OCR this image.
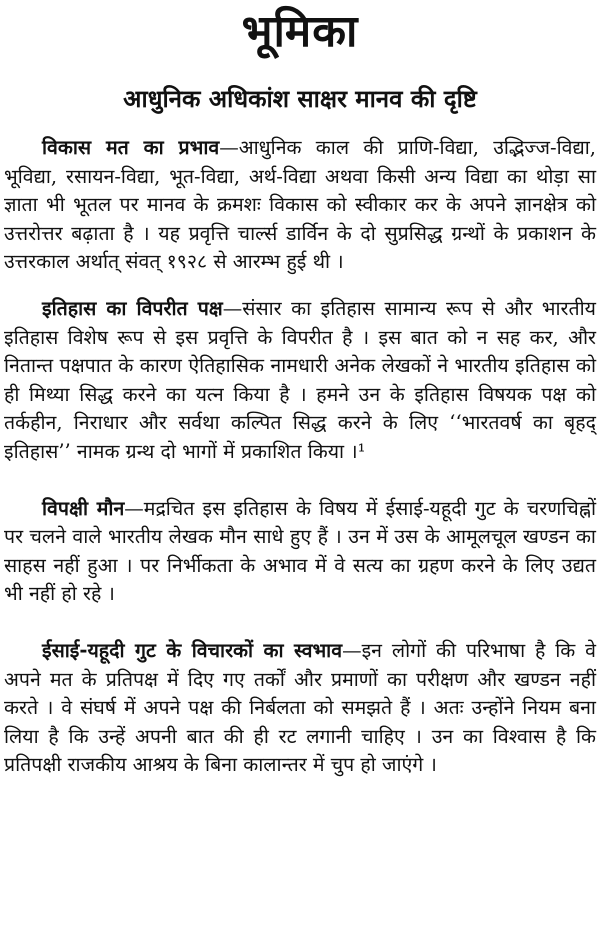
भूमिका
आधुनिक अधिकांश साक्षर मानव की दृष्टि

विकास मत का प्रभाव—आधुनिक काल की प्राणि-विद्या, उद्भिज्ज-विद्या, भूविद्या, रसायन-विद्या, भूत-विद्या, अर्थ-विद्या अथवा किसी अन्य विद्या का थोड़ा सा ज्ञाता भी भूतल पर मानव के क्रमशः विकास को स्वीकार कर के अपने ज्ञानक्षेत्र को उत्तरोत्तर बढ़ाता है । यह प्रवृत्ति चार्ल्स डार्विन के दो सुप्रसिद्ध ग्रन्थों के प्रकाशन के उत्तरकाल अर्थात् संवत् १९२८ से आरम्भ हुई थी ।

इतिहास का विपरीत पक्ष—संसार का इतिहास सामान्य रूप से और भारतीय इतिहास विशेष रूप से इस प्रवृत्ति के विपरीत है । इस बात को न सह कर, और नितान्त पक्षपात के कारण ऐतिहासिक नामधारी अनेक लेखकों ने भारतीय इतिहास को ही मिथ्या सिद्ध करने का यत्न किया है । हमने उन के इतिहास विषयक पक्ष को तर्कहीन, निराधार और सर्वथा कल्पित सिद्ध करने के लिए ‘‘भारतवर्ष का बृहद्‌ इतिहास’’ नामक ग्रन्थ दो भागों में प्रकाशित किया ।¹

विपक्षी मौन—मद्रचित इस इतिहास के विषय में ईसाई-यहूदी गुट के चरणचिह्नों पर चलने वाले भारतीय लेखक मौन साधे हुए हैं । उन में उस के आमूलचूल खण्डन का साहस नहीं हुआ । पर निर्भीकता के अभाव में वे सत्य का ग्रहण करने के लिए उद्यत भी नहीं हो रहे ।

ईसाई-यहूदी गुट के विचारकों का स्वभाव—इन लोगों की परिभाषा है कि वे अपने मत के प्रतिपक्ष में दिए गए तर्कों और प्रमाणों का परीक्षण और खण्डन नहीं करते । वे संघर्ष में अपने पक्ष की निर्बलता को समझते हैं । अतः उन्होंने नियम बना लिया है कि उन्हें अपनी बात की ही रट लगानी चाहिए । उन का विश्वास है कि प्रतिपक्षी राजकीय आश्रय के बिना कालान्तर में चुप हो जाएंगे ।
